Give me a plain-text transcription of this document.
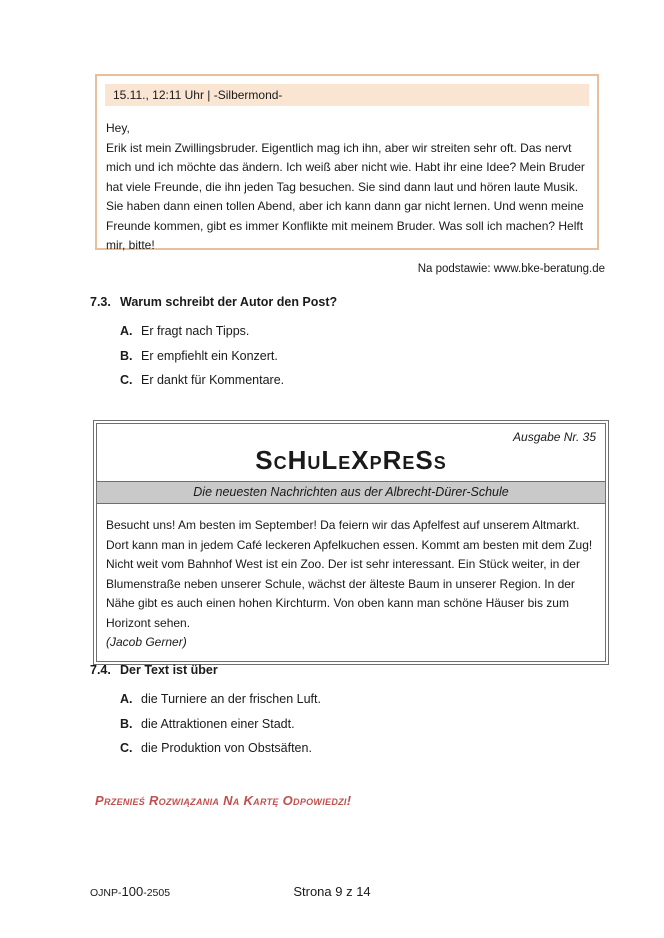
15.11., 12:11 Uhr | -Silbermond-
Hey,
Erik ist mein Zwillingsbruder. Eigentlich mag ich ihn, aber wir streiten sehr oft. Das nervt mich und ich möchte das ändern. Ich weiß aber nicht wie. Habt ihr eine Idee? Mein Bruder hat viele Freunde, die ihn jeden Tag besuchen. Sie sind dann laut und hören laute Musik. Sie haben dann einen tollen Abend, aber ich kann dann gar nicht lernen. Und wenn meine Freunde kommen, gibt es immer Konflikte mit meinem Bruder. Was soll ich machen? Helft mir, bitte!
Na podstawie: www.bke-beratung.de
7.3. Warum schreibt der Autor den Post?
A. Er fragt nach Tipps.
B. Er empfiehlt ein Konzert.
C. Er dankt für Kommentare.
Ausgabe Nr. 35
ScHuLeXpReSs
Die neuesten Nachrichten aus der Albrecht-Dürer-Schule
Besucht uns! Am besten im September! Da feiern wir das Apfelfest auf unserem Altmarkt. Dort kann man in jedem Café leckeren Apfelkuchen essen. Kommt am besten mit dem Zug! Nicht weit vom Bahnhof West ist ein Zoo. Der ist sehr interessant. Ein Stück weiter, in der Blumenstraße neben unserer Schule, wächst der älteste Baum in unserer Region. In der Nähe gibt es auch einen hohen Kirchturm. Von oben kann man schöne Häuser bis zum Horizont sehen.
(Jacob Gerner)
7.4. Der Text ist über
A. die Turniere an der frischen Luft.
B. die Attraktionen einer Stadt.
C. die Produktion von Obstsäften.
Przenieś Rozwiązania Na Kartę Odpowiedzi!
OJNP-100-2505	Strona 9 z 14
